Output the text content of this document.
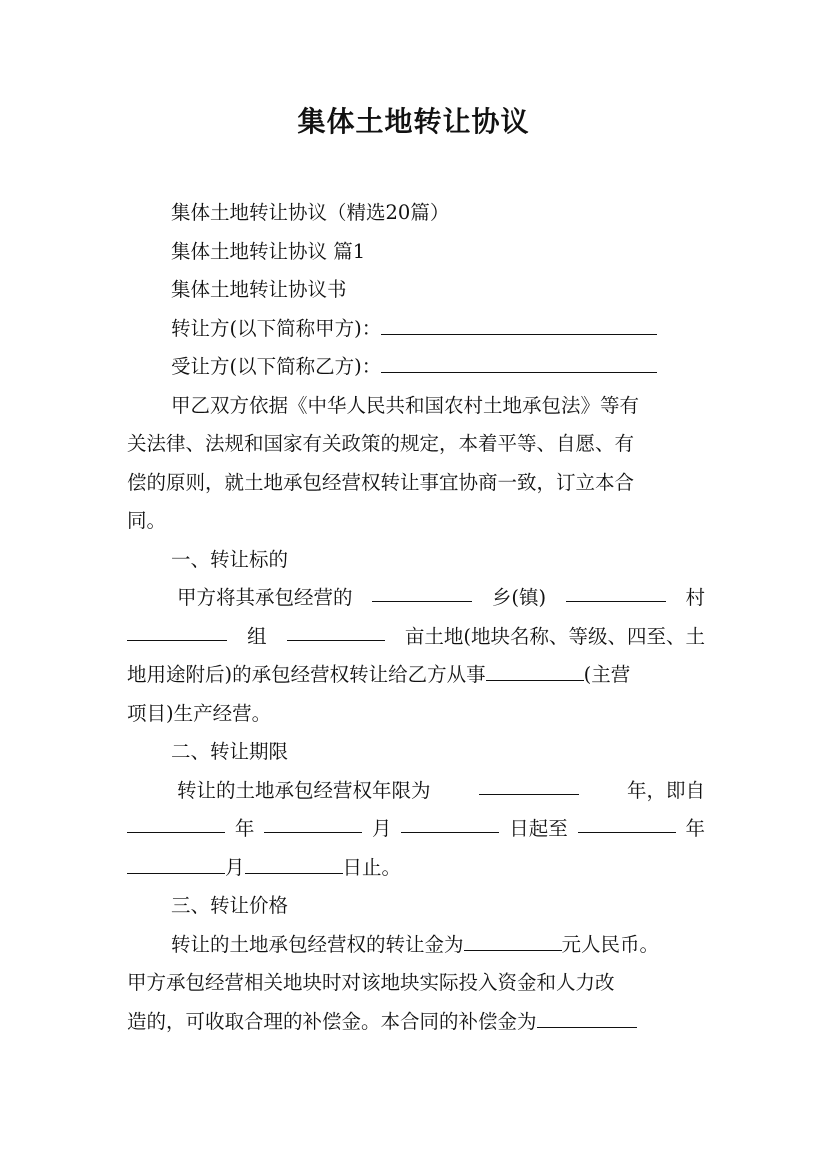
集体土地转让协议
集体土地转让协议（精选20篇）
集体土地转让协议 篇1
集体土地转让协议书
转让方(以下简称甲方)：
受让方(以下简称乙方)：
甲乙双方依据《中华人民共和国农村土地承包法》等有
关法律、法规和国家有关政策的规定，本着平等、自愿、有
偿的原则，就土地承包经营权转让事宜协商一致，订立本合
同。
一、转让标的
甲方将其承包经营的	乡(镇)	村
组	亩土地(地块名称、等级、四至、土
地用途附后)的承包经营权转让给乙方从事	(主营
项目)生产经营。
二、转让期限
转让的土地承包经营权年限为	年，即自
年	月	日起至	年
月	日止。
三、转让价格
转让的土地承包经营权的转让金为	元人民币。
甲方承包经营相关地块时对该地块实际投入资金和人力改
造的，可收取合理的补偿金。本合同的补偿金为
